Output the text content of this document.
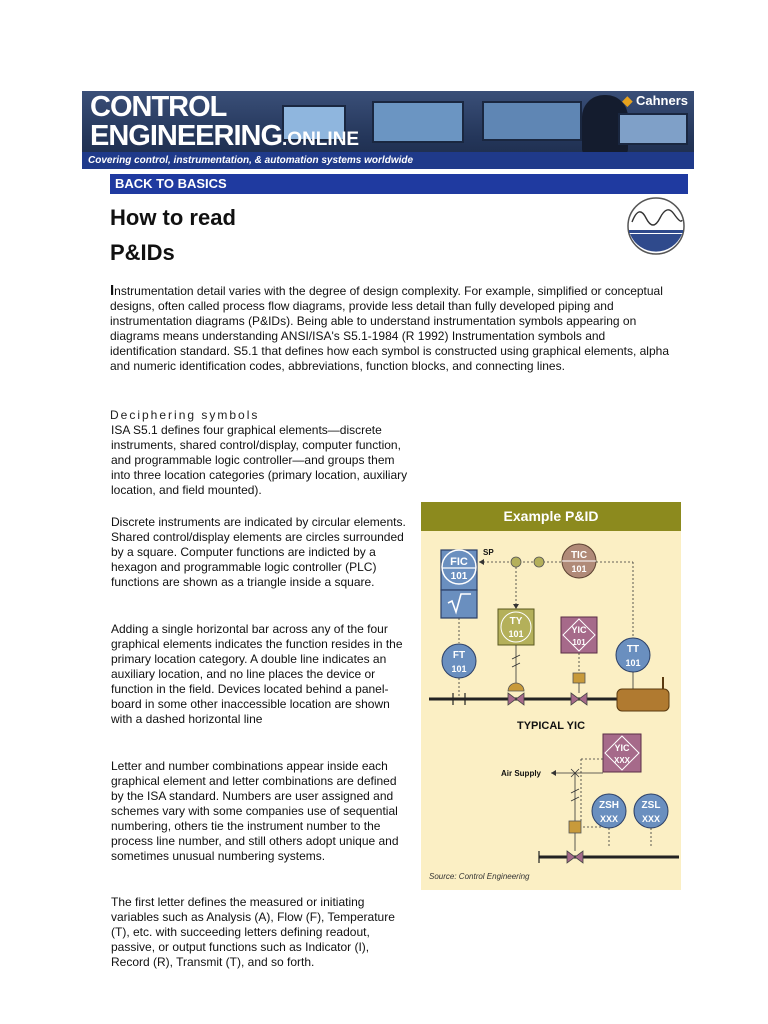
CONTROL
ENGINEERING.ONLINE
◆ Cahners
Covering control, instrumentation, & automation systems worldwide
BACK TO BASICS
How to read
P&IDs

Instrumentation detail varies with the degree of design complexity. For example, simplified or conceptual designs, often called process flow diagrams, provide less detail than fully developed piping and instrumentation diagrams (P&IDs). Being able to understand instrumentation symbols appearing on diagrams means understanding ANSI/ISA's S5.1-1984 (R 1992) Instrumentation symbols and identification standard. S5.1 that defines how each symbol is constructed using graphical elements, alpha and numeric identification codes, abbreviations, function blocks, and connecting lines.

Deciphering symbols

ISA S5.1 defines four graphical elements—discrete instruments, shared control/display, computer function, and programmable logic controller—and groups them into three location categories (primary location, auxiliary location, and field mounted).

Discrete instruments are indicated by circular elements. Shared control/display elements are circles surrounded by a square. Computer functions are indicted by a hexagon and programmable logic controller (PLC) functions are shown as a triangle inside a square.

Adding a single horizontal bar across any of the four graphical elements indicates the function resides in the primary location category. A double line indicates an auxiliary location, and no line places the device or function in the field. Devices located behind a panel-board in some other inaccessible location are shown with a dashed horizontal line

Letter and number combinations appear inside each graphical element and letter combinations are defined by the ISA standard. Numbers are user assigned and schemes vary with some companies use of sequential numbering, others tie the instrument number to the process line number, and still others adopt unique and sometimes unusual numbering systems.

The first letter defines the measured or initiating variables such as Analysis (A), Flow (F), Temperature (T), etc. with succeeding letters defining readout, passive, or output functions such as Indicator (I), Record (R), Transmit (T), and so forth.

Example P&ID
FIC
101
SP	TIC
101
TY
101	YIC
101
FT
101
TT
101
TYPICAL YIC
YIC
XXX
Air Supply
ZSH
XXX
ZSL
XXX
Source: Control Engineering
